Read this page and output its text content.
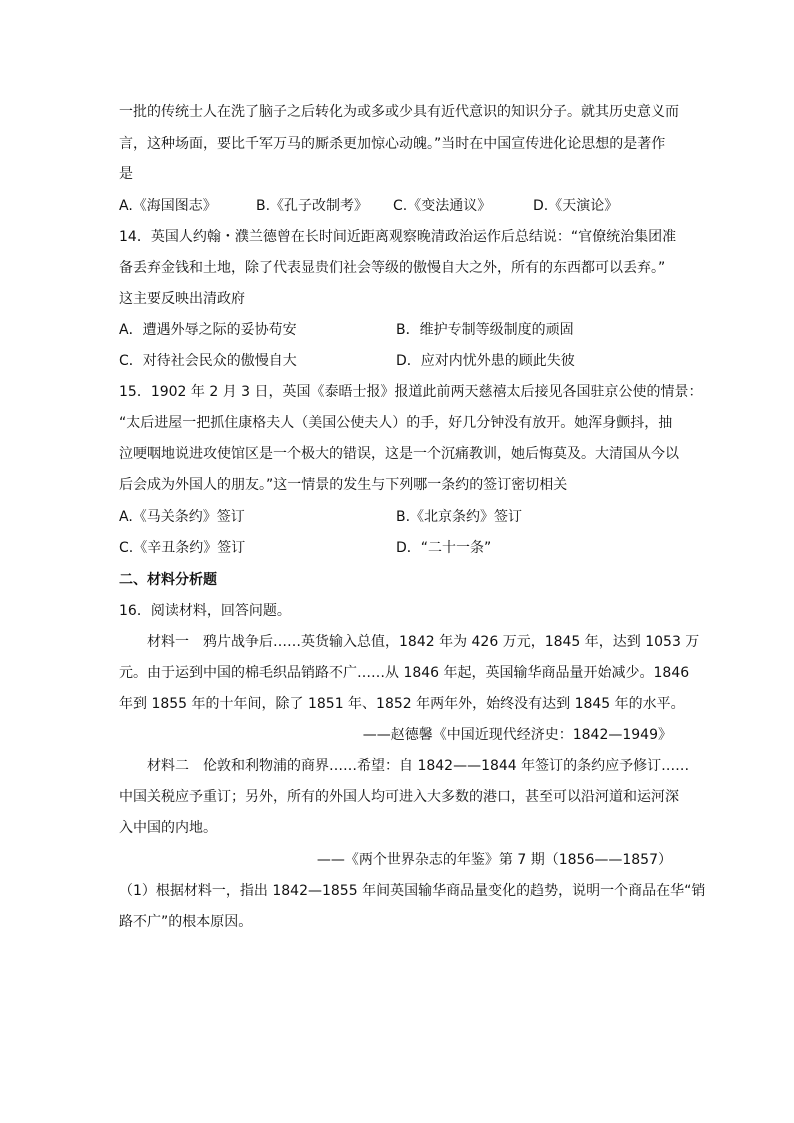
一批的传统士人在洗了脑子之后转化为或多或少具有近代意识的知识分子。就其历史意义而
言，这种场面，要比千军万马的厮杀更加惊心动魄。”当时在中国宣传进化论思想的是著作
是
A.《海国图志》	B.《孔子改制考》 C.《变法通议》	D.《天演论》
14．英国人约翰・濮兰德曾在长时间近距离观察晚清政治运作后总结说：“官僚统治集团准
备丢弃金钱和土地，除了代表显贵们社会等级的傲慢自大之外，所有的东西都可以丢弃。”
这主要反映出清政府
A．遭遇外辱之际的妥协苟安	B．维护专制等级制度的顽固
C．对待社会民众的傲慢自大	D．应对内忧外患的顾此失彼
15．1902 年 2 月 3 日，英国《泰晤士报》报道此前两天慈禧太后接见各国驻京公使的情景：
“太后进屋一把抓住康格夫人（美国公使夫人）的手，好几分钟没有放开。她浑身颤抖，抽
泣哽咽地说进攻使馆区是一个极大的错误，这是一个沉痛教训，她后悔莫及。大清国从今以
后会成为外国人的朋友。”这一情景的发生与下列哪一条约的签订密切相关
A.《马关条约》签订	B.《北京条约》签订
C.《辛丑条约》签订	D．“二十一条”
二、材料分析题
16．阅读材料，回答问题。
材料一　鸦片战争后……英货输入总值，1842 年为 426 万元，1845 年，达到 1053 万
元。由于运到中国的棉毛织品销路不广……从 1846 年起，英国输华商品量开始减少。1846
年到 1855 年的十年间，除了 1851 年、1852 年两年外，始终没有达到 1845 年的水平。
——赵德馨《中国近现代经济史：1842—1949》
材料二　伦敦和利物浦的商界……希望：自 1842——1844 年签订的条约应予修订……
中国关税应予重订；另外，所有的外国人均可进入大多数的港口，甚至可以沿河道和运河深
入中国的内地。
——《两个世界杂志的年鉴》第 7 期（1856——1857）
（1）根据材料一，指出 1842—1855 年间英国输华商品量变化的趋势，说明一个商品在华“销
路不广”的根本原因。
